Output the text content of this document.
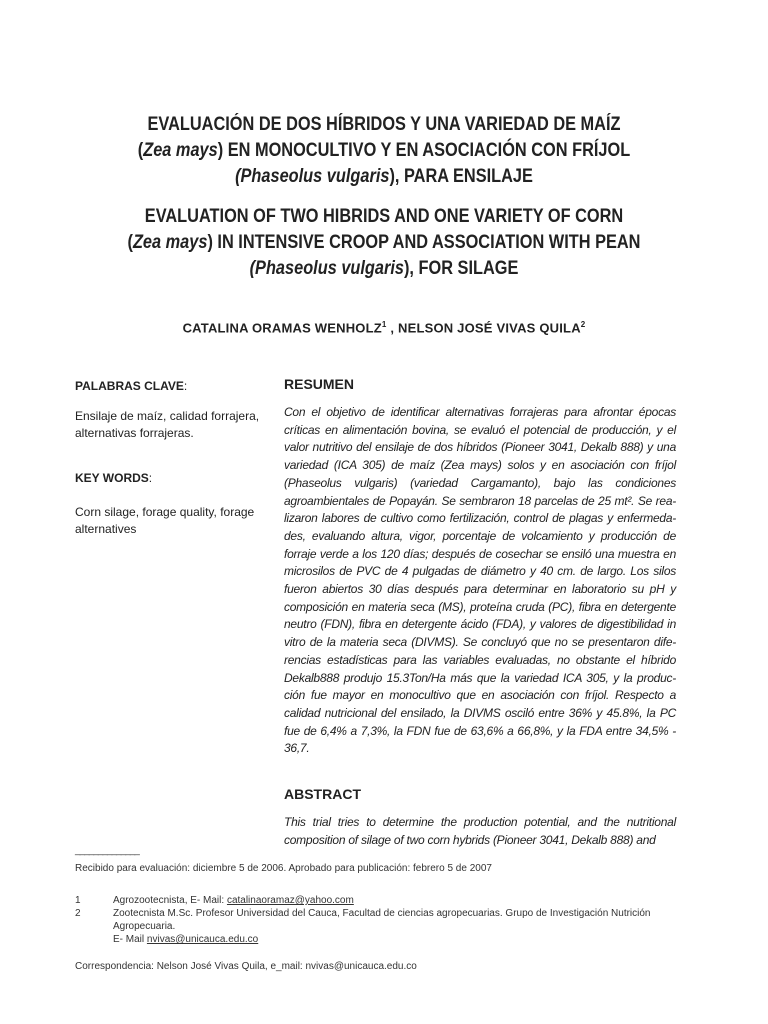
EVALUACIÓN DE DOS HÍBRIDOS Y UNA VARIEDAD DE MAÍZ
(Zea mays) EN MONOCULTIVO Y EN ASOCIACIÓN CON FRÍJOL
(Phaseolus vulgaris), PARA ENSILAJE
EVALUATION OF TWO HIBRIDS AND ONE VARIETY OF CORN
(Zea mays) IN INTENSIVE CROOP AND ASSOCIATION WITH PEAN
(Phaseolus vulgaris), FOR SILAGE
CATALINA ORAMAS WENHOLZ$^1$ , NELSON JOSÉ VIVAS QUILA$^2$

PALABRAS CLAVE:

Ensilaje de maíz, calidad forrajera, alternativas forrajeras.

KEY WORDS:

Corn silage, forage quality, forage alternatives

RESUMEN

Con el objetivo de identificar alternativas forrajeras para afrontar épocas críticas en alimentación bovina, se evaluó el potencial de producción, y el valor nutritivo del ensilaje de dos híbridos (Pioneer 3041, Dekalb 888) y una variedad (ICA 305) de maíz (Zea mays) solos y en asociación con fríjol (Phaseolus vulgaris) (variedad Cargamanto), bajo las condiciones agroambientales de Popayán. Se sembraron 18 parcelas de 25 mt². Se rea- lizaron labores de cultivo como fertilización, control de plagas y enfermeda- des, evaluando altura, vigor, porcentaje de volcamiento y producción de forraje verde a los 120 días; después de cosechar se ensiló una muestra en microsilos de PVC de 4 pulgadas de diámetro y 40 cm. de largo. Los silos fueron abiertos 30 días después para determinar en laboratorio su pH y composición en materia seca (MS), proteína cruda (PC), fibra en detergente neutro (FDN), fibra en detergente ácido (FDA), y valores de digestibilidad in vitro de la materia seca (DIVMS). Se concluyó que no se presentaron dife- rencias estadísticas para las variables evaluadas, no obstante el híbrido Dekalb888 produjo 15.3Ton/Ha más que la variedad ICA 305, y la produc- ción fue mayor en monocultivo que en asociación con fríjol. Respecto a calidad nutricional del ensilado, la DIVMS osciló entre 36% y 45.8%, la PC fue de 6,4% a 7,3%, la FDN fue de 63,6% a 66,8%, y la FDA entre 34,5% - 36,7.

ABSTRACT

This trial tries to determine the production potential, and the nutritional composition of silage of two corn hybrids (Pioneer 3041, Dekalb 888) and

______________

Recibido para evaluación: diciembre 5 de 2006. Aprobado para publicación: febrero 5 de 2007

1	Agrozootecnista, E- Mail: catalinaoramaz@yahoo.com
2	Zootecnista M.Sc. Profesor Universidad del Cauca, Facultad de ciencias agropecuarias. Grupo de Investigación Nutrición Agropecuaria.
E- Mail nvivas@unicauca.edu.co

Correspondencia: Nelson José Vivas Quila, e_mail: nvivas@unicauca.edu.co
